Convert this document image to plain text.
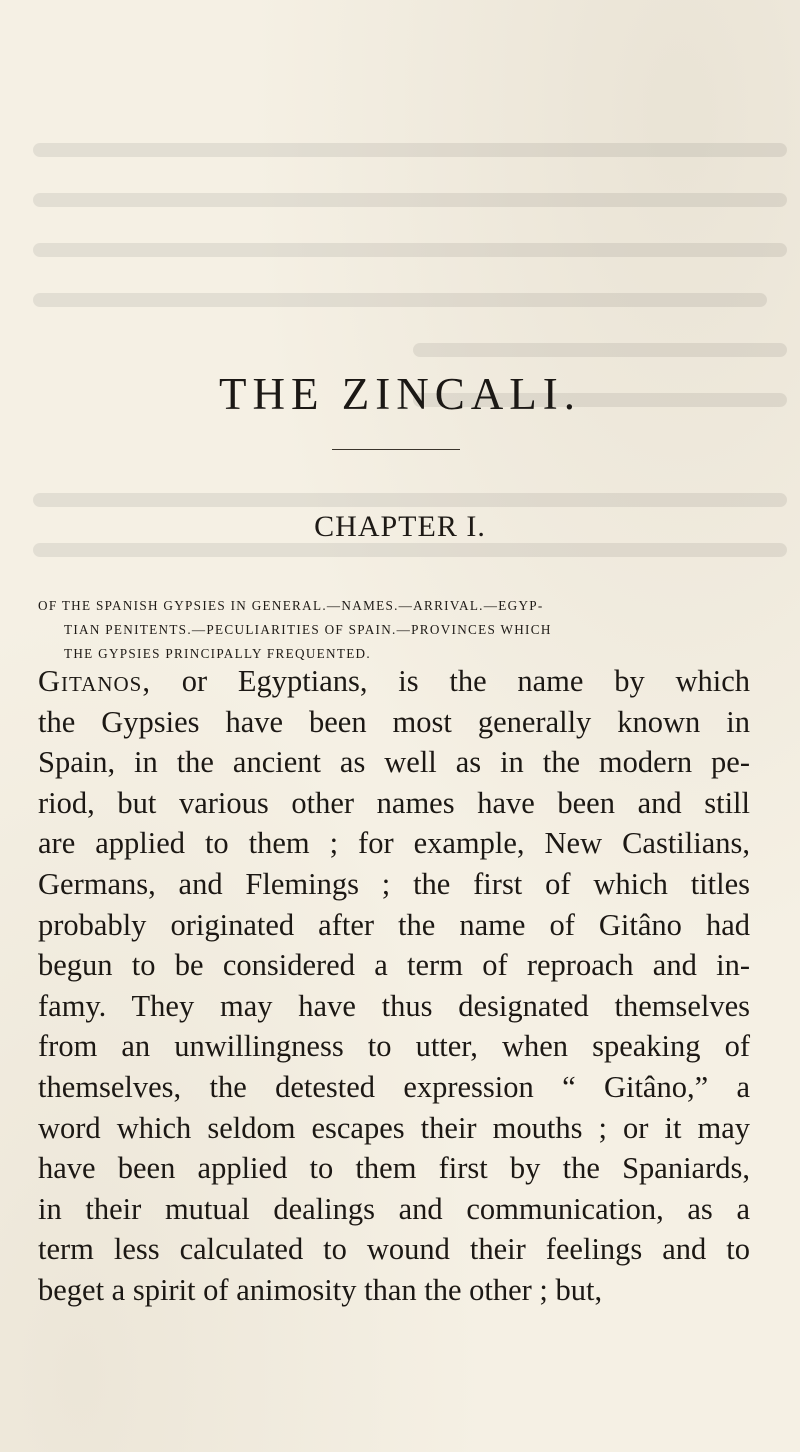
THE ZINCALI.
CHAPTER I.
OF THE SPANISH GYPSIES IN GENERAL.—NAMES.—ARRIVAL.—EGYP-
TIAN PENITENTS.—PECULIARITIES OF SPAIN.—PROVINCES WHICH
THE GYPSIES PRINCIPALLY FREQUENTED.
Gitanos, or Egyptians, is the name by which
the Gypsies have been most generally known in
Spain, in the ancient as well as in the modern pe-
riod, but various other names have been and still
are applied to them ; for example, New Castilians,
Germans, and Flemings ; the first of which titles
probably originated after the name of Gitâno had
begun to be considered a term of reproach and in-
famy. They may have thus designated themselves
from an unwillingness to utter, when speaking of
themselves, the detested expression “ Gitâno,” a
word which seldom escapes their mouths ; or it may
have been applied to them first by the Spaniards,
in their mutual dealings and communication, as a
term less calculated to wound their feelings and to
beget a spirit of animosity than the other ; but,
